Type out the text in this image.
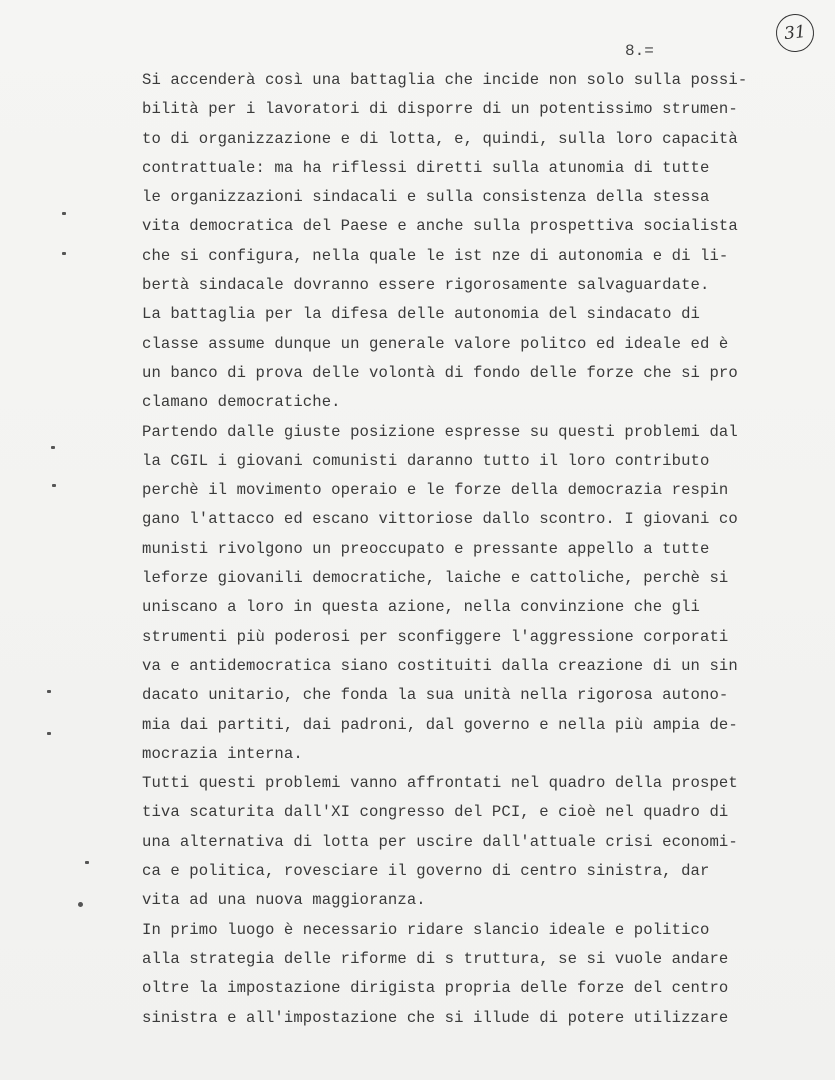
31
8.=
Si accenderà così una battaglia che incide non solo sulla possi-
bilità per i lavoratori di disporre di un potentissimo strumen-
to di organizzazione e di lotta, e, quindi, sulla loro capacità
contrattuale: ma ha riflessi diretti sulla atunomia di tutte
le organizzazioni sindacali e sulla consistenza della stessa
vita democratica del Paese e anche sulla prospettiva socialista
che si configura, nella quale le ist nze di autonomia e di li-
bertà sindacale dovranno essere rigorosamente salvaguardate.
La battaglia per la difesa delle autonomia del sindacato di
classe assume dunque un generale valore politco ed ideale ed è
un banco di prova delle volontà di fondo delle forze che si pro
clamano democratiche.
Partendo dalle giuste posizione espresse su questi problemi dal
la CGIL i giovani comunisti daranno tutto il loro contributo
perchè il movimento operaio e le forze della democrazia respin
gano l'attacco ed escano vittoriose dallo scontro. I giovani co
munisti rivolgono un preoccupato e pressante appello a tutte
leforze giovanili democratiche, laiche e cattoliche, perchè si
uniscano a loro in questa azione, nella convinzione che gli
strumenti più poderosi per sconfiggere l'aggressione corporati
va e antidemocratica siano costituiti dalla creazione di un sin
dacato unitario, che fonda la sua unità nella rigorosa autono-
mia dai partiti, dai padroni, dal governo e nella più ampia de-
mocrazia interna.
Tutti questi problemi vanno affrontati nel quadro della prospet
tiva scaturita dall'XI congresso del PCI, e cioè nel quadro di
una alternativa di lotta per uscire dall'attuale crisi economi-
ca e politica, rovesciare il governo di centro sinistra, dar
vita ad una nuova maggioranza.
In primo luogo è necessario ridare slancio ideale e politico
alla strategia delle riforme di s truttura, se si vuole andare
oltre la impostazione dirigista propria delle forze del centro
sinistra e all'impostazione che si illude di potere utilizzare
